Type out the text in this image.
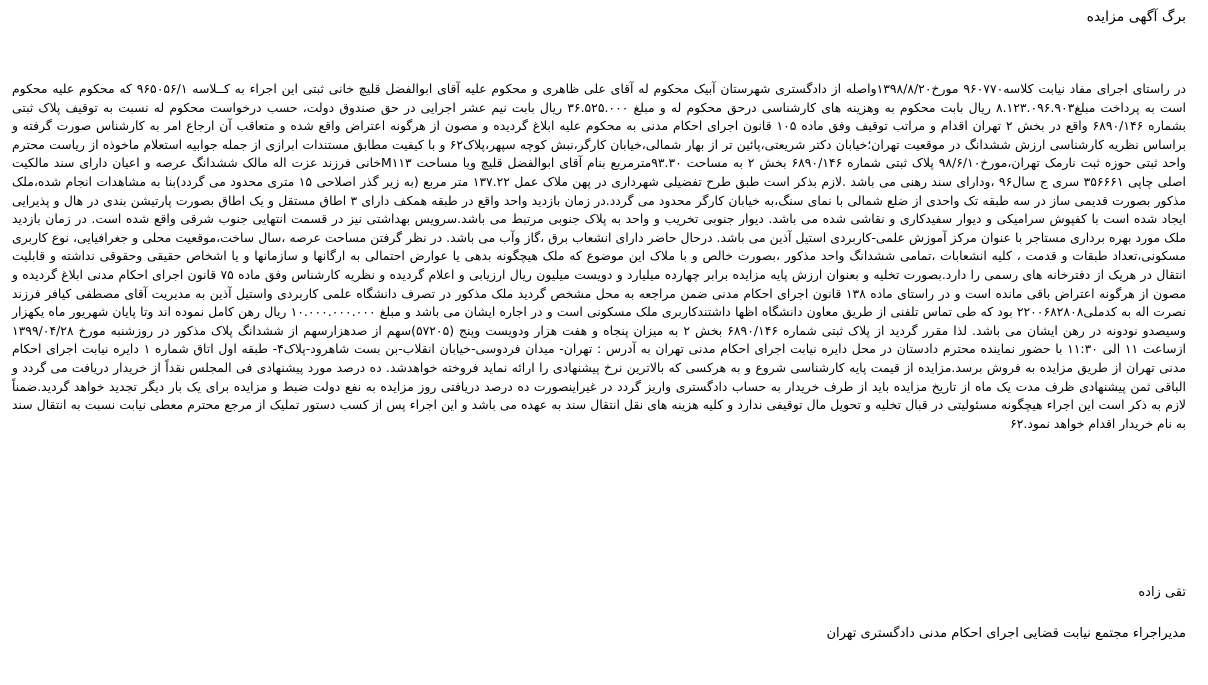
برگ آگهی مزایده

در راستای اجرای مفاد نیابت کلاسه۹۶۰۷۷۰ مورخ۱۳۹۸/۸/۲۰واصله از دادگستری شهرستان آبیک محکوم له آقای علی ظاهری و محکوم علیه آقای ابوالفضل قلیچ خانی ثبتی این اجراء به کــلاسه ۹۶۵۰۵۶/۱ که محکوم علیه محکوم است به پرداخت مبلغ۸.۱۲۳.۰۹۶.۹۰۳ ریال بابت محکوم به وهزینه های کارشناسی درحق محکوم له و مبلغ ۳۶.۵۲۵.۰۰۰ ریال بابت نیم عشر اجرایی در حق صندوق دولت، حسب درخواست محکوم له نسبت به توقیف پلاک ثبتی بشماره ۶۸۹۰/۱۴۶ واقع در بخش ۲ تهران اقدام و مراتب توقیف وفق ماده ۱۰۵ قانون اجرای احکام مدنی به محکوم علیه ابلاغ گردیده و مصون از هرگونه اعتراض واقع شده و متعاقب آن ارجاع امر به کارشناس صورت گرفته و براساس نظریه کارشناسی ارزش ششدانگ در موقعیت تهران؛خیابان دکتر شریعتی،پائین تر از بهار شمالی،خیابان کارگر،نبش کوچه سپهر،پلاک۶۲ و با کیفیت مطابق مستندات ابرازی از جمله جوابیه استعلام ماخوذه از ریاست محترم واحد ثبتی حوزه ثبت نارمک تهران،مورخ۹۸/۶/۱۰ پلاک ثبتی شماره ۶۸۹۰/۱۴۶ بخش ۲ به مساحت ۹۳.۳۰مترمربع بنام آقای ابوالفضل قلیچ وبا مساحت M۱۱۳خانی فرزند عزت اله مالک ششدانگ عرصه و اعیان دارای سند مالکیت اصلی چاپی ۳۵۶۶۶۱ سری ج سال۹۶ ،ودارای سند رهنی می باشد .لازم بذکر است طبق طرح تفضیلی شهرداری در پهن ملاک عمل ۱۳۷.۲۲ متر مربع (به زیر گذر اصلاحی ۱۵ متری محدود می گردد)بنا به مشاهدات انجام شده،ملک مذکور بصورت قدیمی ساز در سه طبقه تک واحدی از ضلع شمالی با نمای سنگ،به خیابان کارگر محدود می گردد.در زمان بازدید واحد واقع در طبقه همکف دارای ۳ اطاق مستقل و یک اطاق بصورت پارتیشن بندی در هال و پذیرایی ایجاد شده است با کفپوش سرامیکی و دیوار سفیدکاری و نقاشی شده می باشد. دیوار جنوبی تخریب و واحد به پلاک جنوبی مرتبط می باشد.سرویس بهداشتی نیز در قسمت انتهایی جنوب شرقی واقع شده است. در زمان بازدید ملک مورد بهره برداری مستاجر با عنوان مرکز آموزش علمی-کاربردی استیل آذین می باشد. درحال حاضر دارای انشعاب برق ،گاز وآب می باشد. در نظر گرفتن مساحت عرصه ،سال ساخت،موقعیت محلی و جغرافیایی، نوع کاربری مسکونی،تعداد طبقات و قدمت ، کلیه انشعابات ،تمامی ششدانگ واحد مذکور ،بصورت خالص و با ملاک این موضوع که ملک هیچگونه بدهی یا عوارض احتمالی به ارگانها و سازمانها و یا اشخاص حقیقی وحقوقی نداشته و قابلیت انتقال در هریک از دفترخانه های رسمی را دارد.بصورت تخلیه و بعنوان ارزش پایه مزایده برابر چهارده میلیارد و دویست میلیون ریال ارزیابی و اعلام گردیده و نظریه کارشناس وفق ماده ۷۵ قانون اجرای احکام مدنی ابلاغ گردیده و مصون از هرگونه اعتراض باقی مانده است و در راستای ماده ۱۳۸ قانون اجرای احکام مدنی ضمن مراجعه به محل مشخص گردید ملک مذکور در تصرف دانشگاه علمی کاربردی واستیل آذین به مدیریت آقای مصطفی کیافر فرزند نصرت اله به کدملی۲۲۰۰۶۸۲۸۰۸ بود که طی تماس تلفنی از طریق معاون دانشگاه اظها داشتندکاربری ملک مسکونی است و در اجاره ایشان می باشد و مبلغ ۱۰.۰۰۰.۰۰۰.۰۰۰ ریال رهن کامل نموده اند وتا پایان شهریور ماه یکهزار وسیصدو نودونه در رهن ایشان می باشد. لذا مقرر گردید از پلاک ثبتی شماره ۶۸۹۰/۱۴۶ بخش ۲ به میزان پنجاه و هفت هزار ودویست وپنج (۵۷۲۰۵)سهم از صدهزارسهم از ششدانگ پلاک مذکور در روزشنبه مورخ ۱۳۹۹/۰۴/۲۸ ازساعت ۱۱ الی ۱۱:۳۰ با حضور نماینده محترم دادستان در محل دایره نیابت اجرای احکام مدنی تهران به آدرس : تهران- میدان فردوسی-خیابان انقلاب-بن بست شاهرود-پلاک۴- طبقه اول اتاق شماره ۱ دایره نیابت اجرای احکام مدنی تهران از طریق مزایده به فروش برسد.مزایده از قیمت پایه کارشناسی شروع و به هرکسی که بالاترین نرخ پیشنهادی را ارائه نماید فروخته خواهدشد. ده درصد مورد پیشنهادی فی المجلس نقداً از خریدار دریافت می گردد و الباقی ثمن پیشنهادی ظرف مدت یک ماه از تاریخ مزایده باید از طرف خریدار به حساب دادگستری واریز گردد در غیراینصورت ده درصد دریافتی روز مزایده به نفع دولت ضبط و مزایده برای یک بار دیگر تجدید خواهد گردید.ضمناً لازم به ذکر است این اجراء هیچگونه مسئولیتی در قبال تخلیه و تحویل مال توقیفی ندارد و کلیه هزینه های نقل انتقال سند به عهده می باشد و این اجراء پس از کسب دستور تملیک از مرجع محترم معطی نیابت نسبت به انتقال سند به نام خریدار اقدام خواهد نمود.۶۲

تقی زاده

مدیراجراء مجتمع نیابت قضایی اجرای احکام مدنی دادگستری تهران
